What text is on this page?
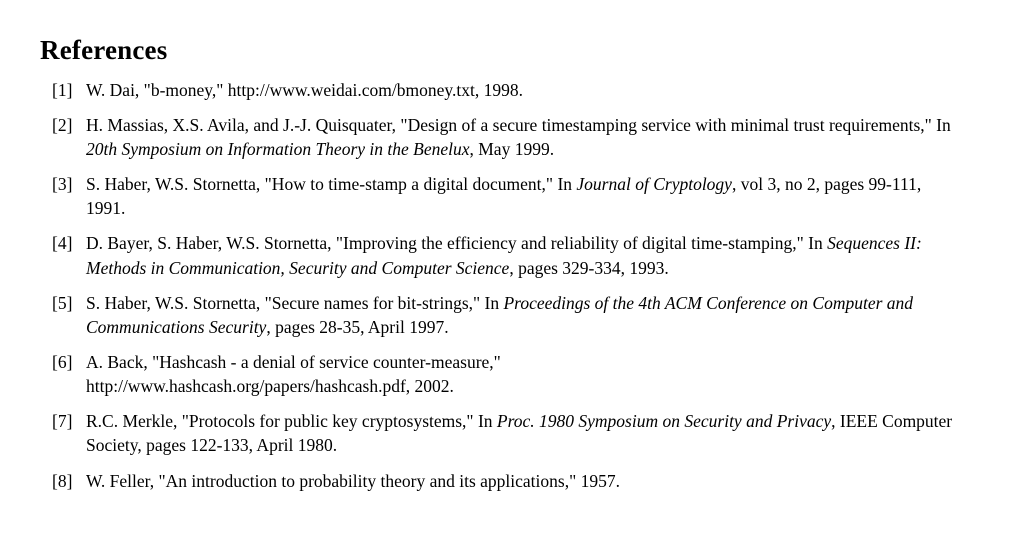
References
[1] W. Dai, "b-money," http://www.weidai.com/bmoney.txt, 1998.
[2] H. Massias, X.S. Avila, and J.-J. Quisquater, "Design of a secure timestamping service with minimal trust requirements," In 20th Symposium on Information Theory in the Benelux, May 1999.
[3] S. Haber, W.S. Stornetta, "How to time-stamp a digital document," In Journal of Cryptology, vol 3, no 2, pages 99-111, 1991.
[4] D. Bayer, S. Haber, W.S. Stornetta, "Improving the efficiency and reliability of digital time-stamping," In Sequences II: Methods in Communication, Security and Computer Science, pages 329-334, 1993.
[5] S. Haber, W.S. Stornetta, "Secure names for bit-strings," In Proceedings of the 4th ACM Conference on Computer and Communications Security, pages 28-35, April 1997.
[6] A. Back, "Hashcash - a denial of service counter-measure,"
http://www.hashcash.org/papers/hashcash.pdf, 2002.
[7] R.C. Merkle, "Protocols for public key cryptosystems," In Proc. 1980 Symposium on Security and Privacy, IEEE Computer Society, pages 122-133, April 1980.
[8] W. Feller, "An introduction to probability theory and its applications," 1957.
